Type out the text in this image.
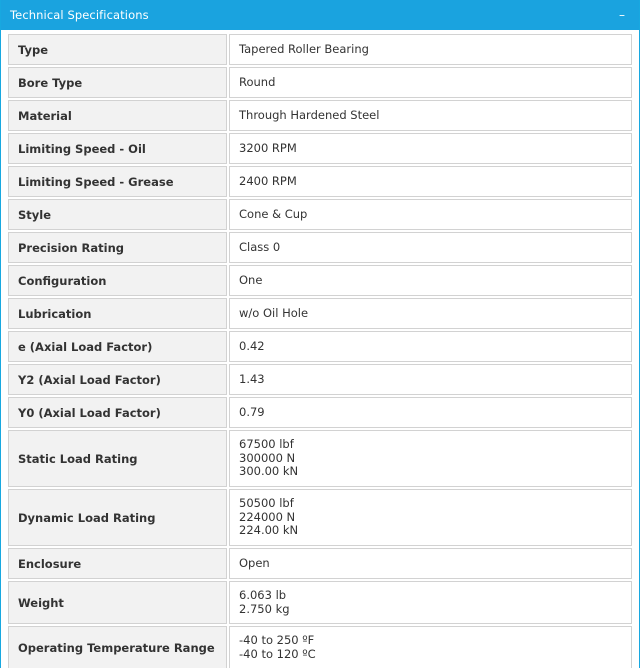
Technical Specifications	–
Type	Tapered Roller Bearing

Bore Type	Round

Material	Through Hardened Steel

Limiting Speed - Oil	3200 RPM

Limiting Speed - Grease	2400 RPM

Style	Cone & Cup

Precision Rating	Class 0

Configuration	One

Lubrication	w/o Oil Hole

e (Axial Load Factor)	0.42

Y2 (Axial Load Factor)	1.43

Y0 (Axial Load Factor)	0.79

Static Load Rating	67500 lbf
300000 N
300.00 kN

Dynamic Load Rating	50500 lbf
224000 N
224.00 kN

Enclosure	Open

Weight	6.063 lb
2.750 kg

Operating Temperature Range	-40 to 250 ºF
-40 to 120 ºC
